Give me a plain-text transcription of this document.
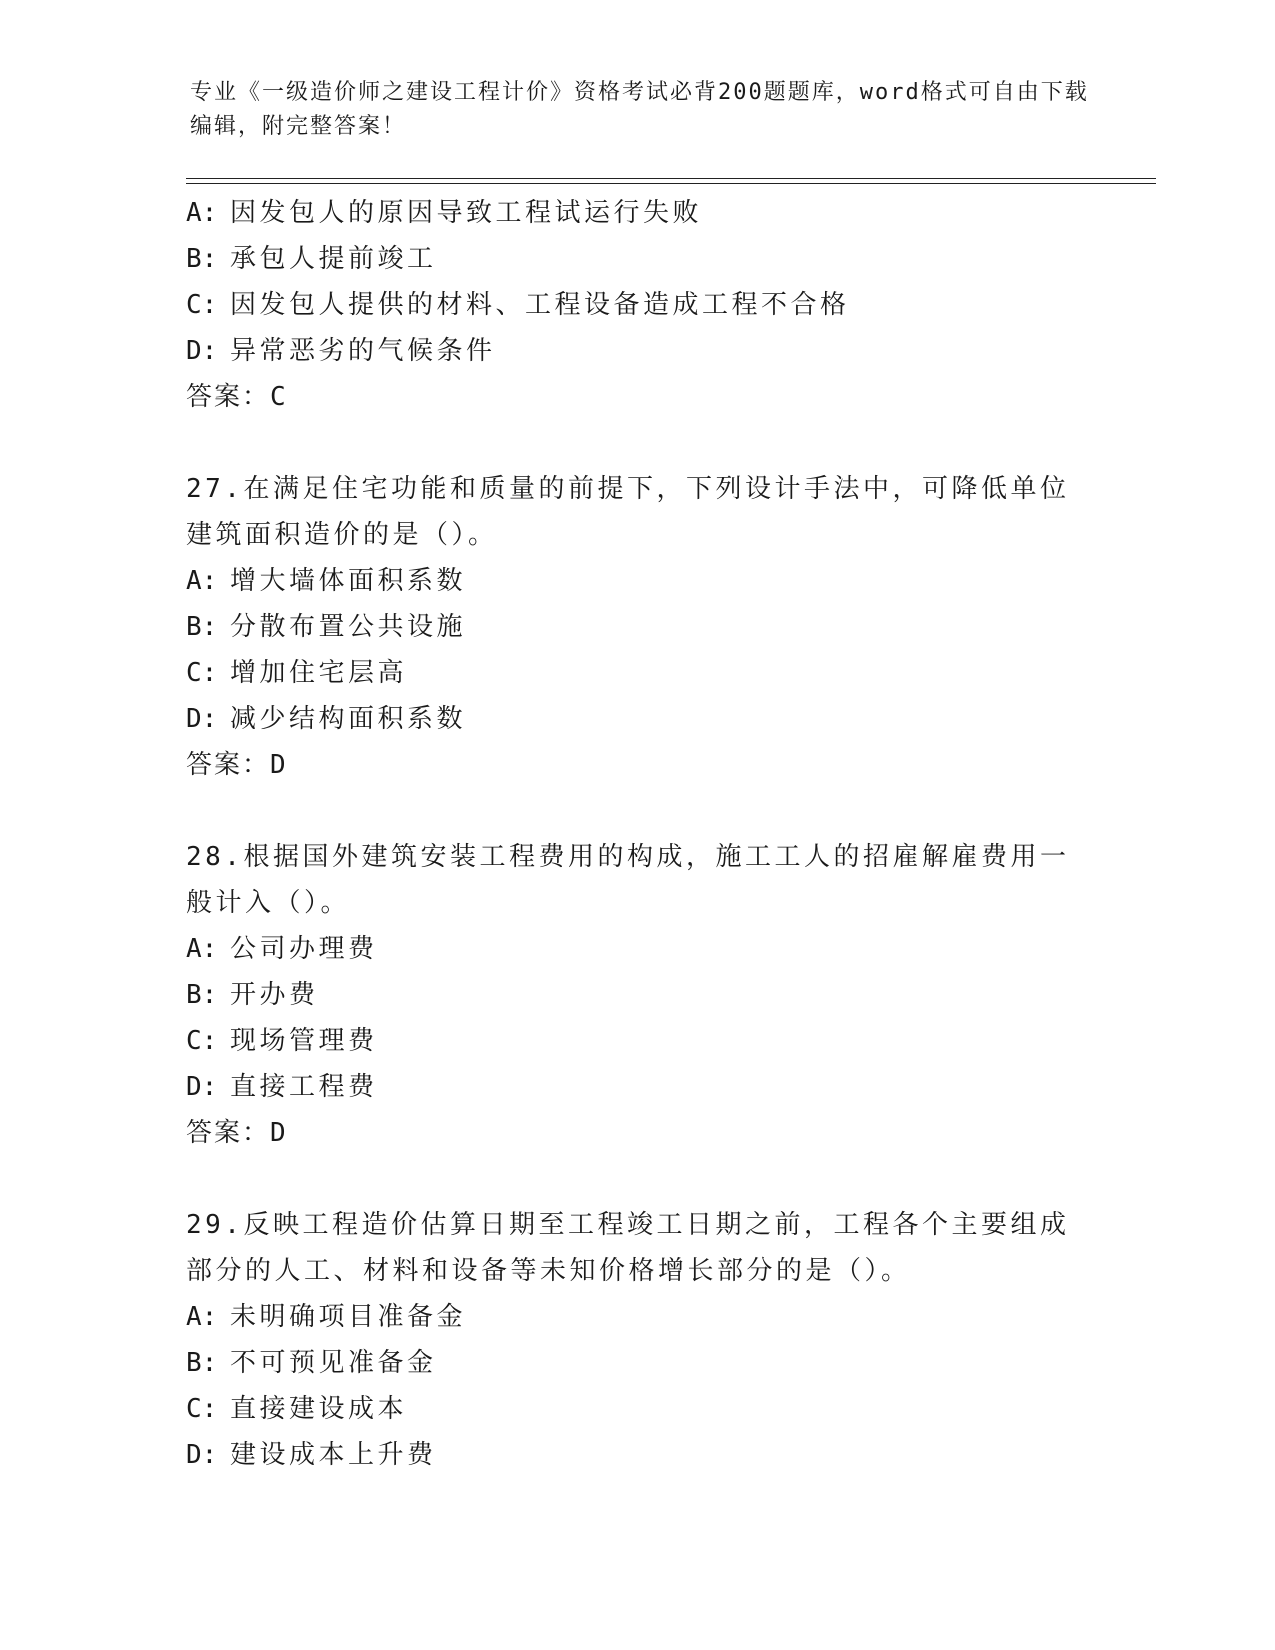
专业《一级造价师之建设工程计价》资格考试必背200题题库，word格式可自由下载编辑，附完整答案！
A: 因发包人的原因导致工程试运行失败
B: 承包人提前竣工
C: 因发包人提供的材料、工程设备造成工程不合格
D: 异常恶劣的气候条件
答案：C
27.在满足住宅功能和质量的前提下，下列设计手法中，可降低单位建筑面积造价的是（）。
A: 增大墙体面积系数
B: 分散布置公共设施
C: 增加住宅层高
D: 减少结构面积系数
答案：D
28.根据国外建筑安装工程费用的构成，施工工人的招雇解雇费用一般计入（）。
A: 公司办理费
B: 开办费
C: 现场管理费
D: 直接工程费
答案：D
29.反映工程造价估算日期至工程竣工日期之前，工程各个主要组成部分的人工、材料和设备等未知价格增长部分的是（）。
A: 未明确项目准备金
B: 不可预见准备金
C: 直接建设成本
D: 建设成本上升费
